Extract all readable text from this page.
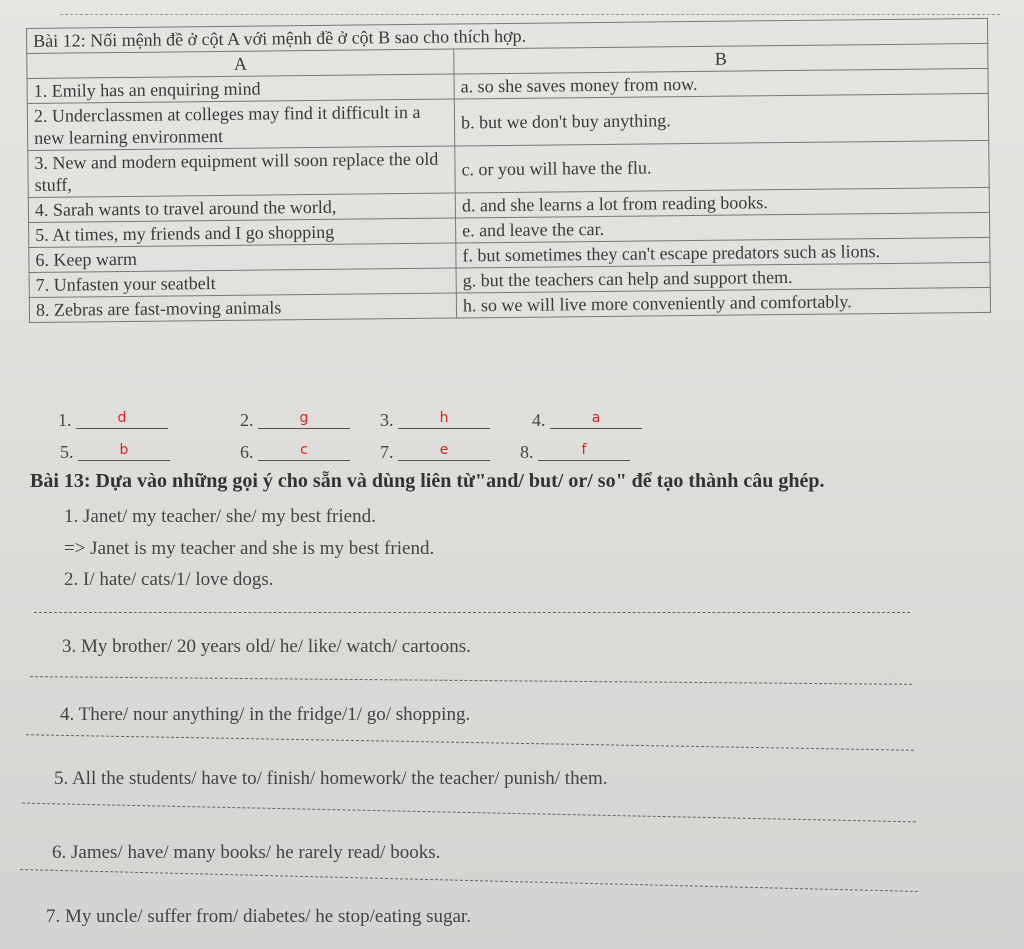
Bài 12: Nối mệnh đề ở cột A với mệnh đề ở cột B sao cho thích hợp.	
A	B
1. Emily has an enquiring mind	a. so she saves money from now.
2. Underclassmen at colleges may find it difficult in a new learning environment	b. but we don't buy anything.
3. New and modern equipment will soon replace the old stuff,	c. or you will have the flu.
4. Sarah wants to travel around the world,	d. and she learns a lot from reading books.
5. At times, my friends and I go shopping	e. and leave the car.
6. Keep warm	f. but sometimes they can't escape predators such as lions.
7. Unfasten your seatbelt	g. but the teachers can help and support them.
8. Zebras are fast-moving animals	h. so we will live more conveniently and comfortably.
1.	d	2.	g	3.	h	4.	a
5.	b	6.	c	7.	e	8.	f
Bài 13: Dựa vào những gọi ý cho sẵn và dùng liên từ"and/ but/ or/ so" để tạo thành câu ghép.
1. Janet/ my teacher/ she/ my best friend.
=> Janet is my teacher and she is my best friend.
2. I/ hate/ cats/1/ love dogs.
3. My brother/ 20 years old/ he/ like/ watch/ cartoons.
4. There/ nour anything/ in the fridge/1/ go/ shopping.
5. All the students/ have to/ finish/ homework/ the teacher/ punish/ them.
6. James/ have/ many books/ he rarely read/ books.
7. My uncle/ suffer from/ diabetes/ he stop/eating sugar.
